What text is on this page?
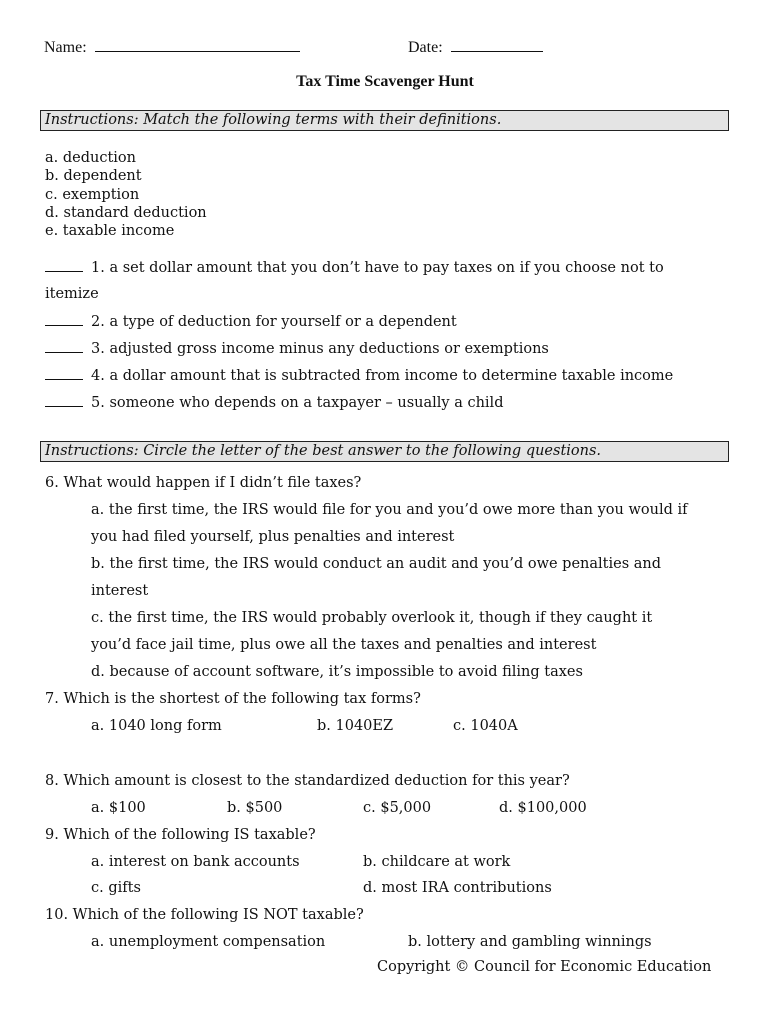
Name:	Date:
Tax Time Scavenger Hunt
Instructions: Match the following terms with their definitions.
a. deduction
b. dependent
c. exemption
d. standard deduction
e. taxable income
1. a set dollar amount that you don’t have to pay taxes on if you choose not to
itemize
2. a type of deduction for yourself or a dependent
3. adjusted gross income minus any deductions or exemptions
4. a dollar amount that is subtracted from income to determine taxable income
5. someone who depends on a taxpayer – usually a child
Instructions: Circle the letter of the best answer to the following questions.
6. What would happen if I didn’t file taxes?
a. the first time, the IRS would file for you and you’d owe more than you would if
you had filed yourself, plus penalties and interest
b. the first time, the IRS would conduct an audit and you’d owe penalties and
interest
c. the first time, the IRS would probably overlook it, though if they caught it
you’d face jail time, plus owe all the taxes and penalties and interest
d. because of account software, it’s impossible to avoid filing taxes
7. Which is the shortest of the following tax forms?
a. 1040 long form	b. 1040EZ	c. 1040A
8. Which amount is closest to the standardized deduction for this year?
a. $100	b. $500	c. $5,000	d. $100,000
9. Which of the following IS taxable?
a. interest on bank accounts	b. childcare at work
c. gifts	d. most IRA contributions
10. Which of the following IS NOT taxable?
a. unemployment compensation	b. lottery and gambling winnings
Copyright © Council for Economic Education
